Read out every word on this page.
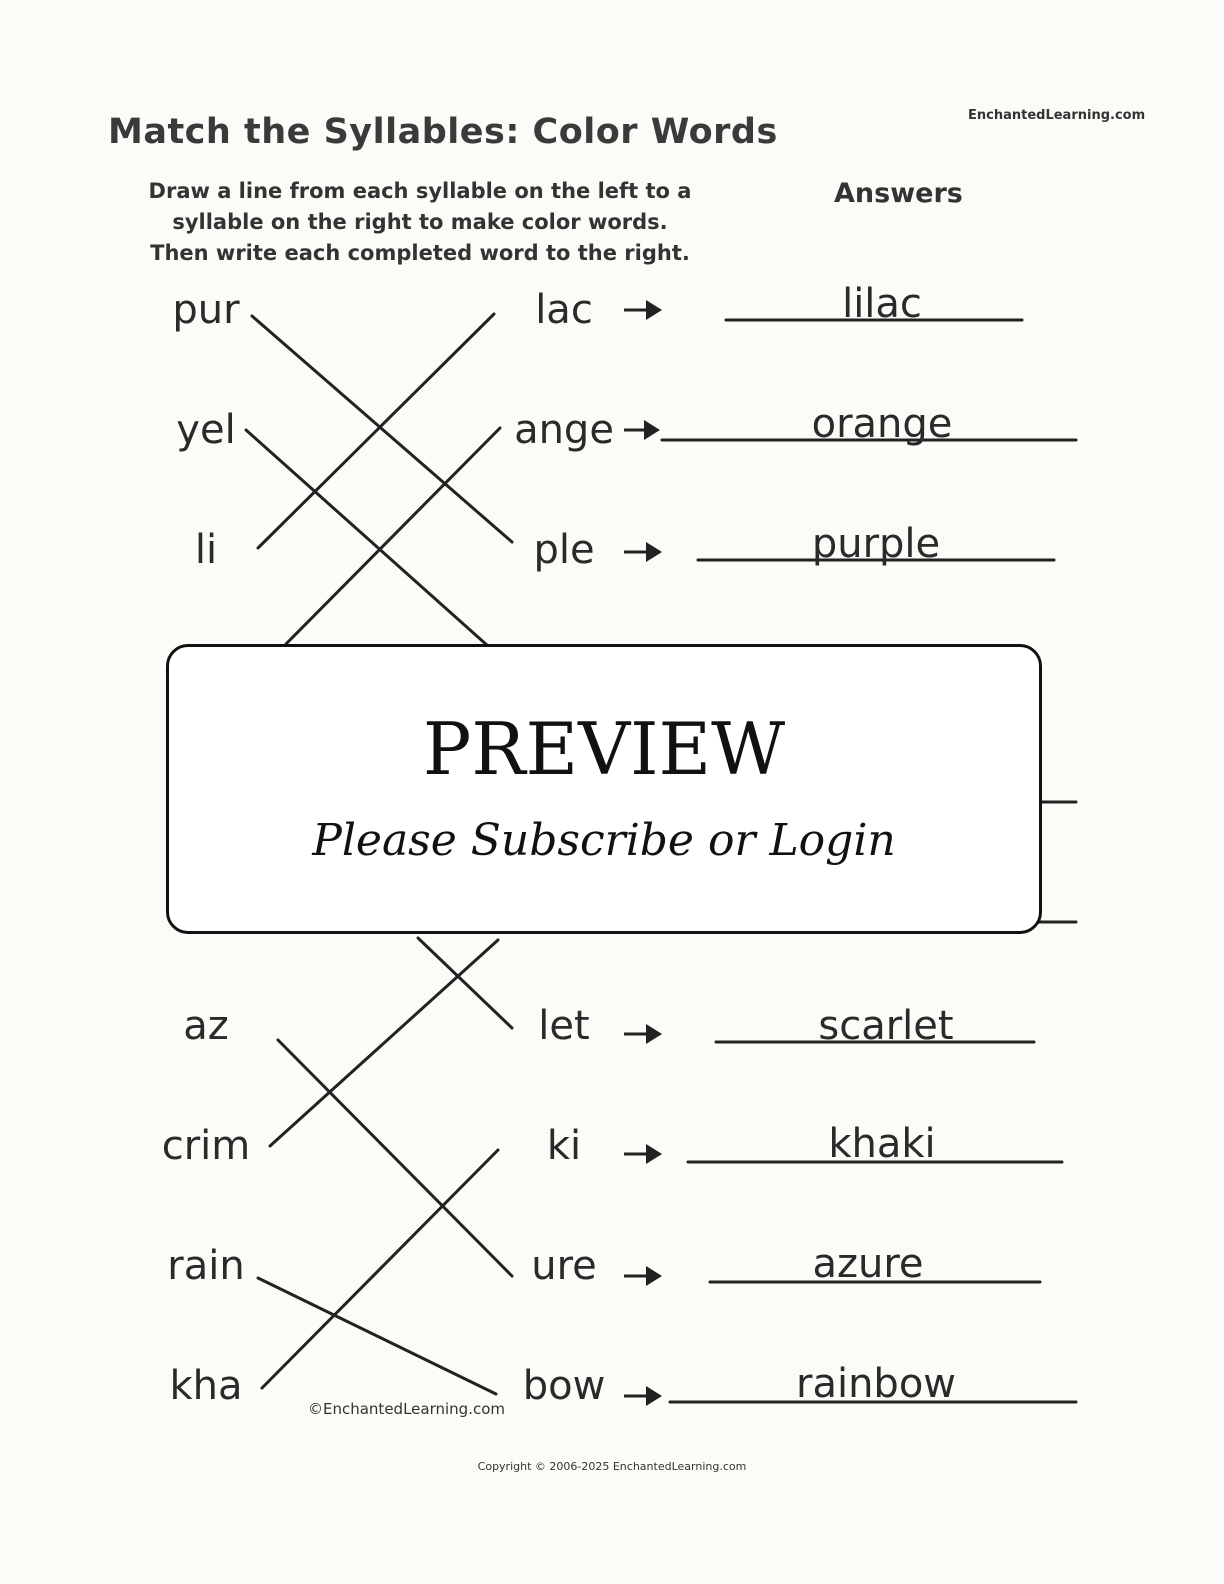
EnchantedLearning.com
Match the Syllables: Color Words
Draw a line from each syllable on the left to a
syllable on the right to make color words.
Then write each completed word to the right.
Answers
pur
yel
li
lac
ange
ple
lilac
orange
purple
az
crim
rain
kha
let
ki
ure
bow
scarlet
khaki
azure
rainbow
©EnchantedLearning.com
PREVIEW
Please Subscribe or Login
Copyright © 2006-2025 EnchantedLearning.com
